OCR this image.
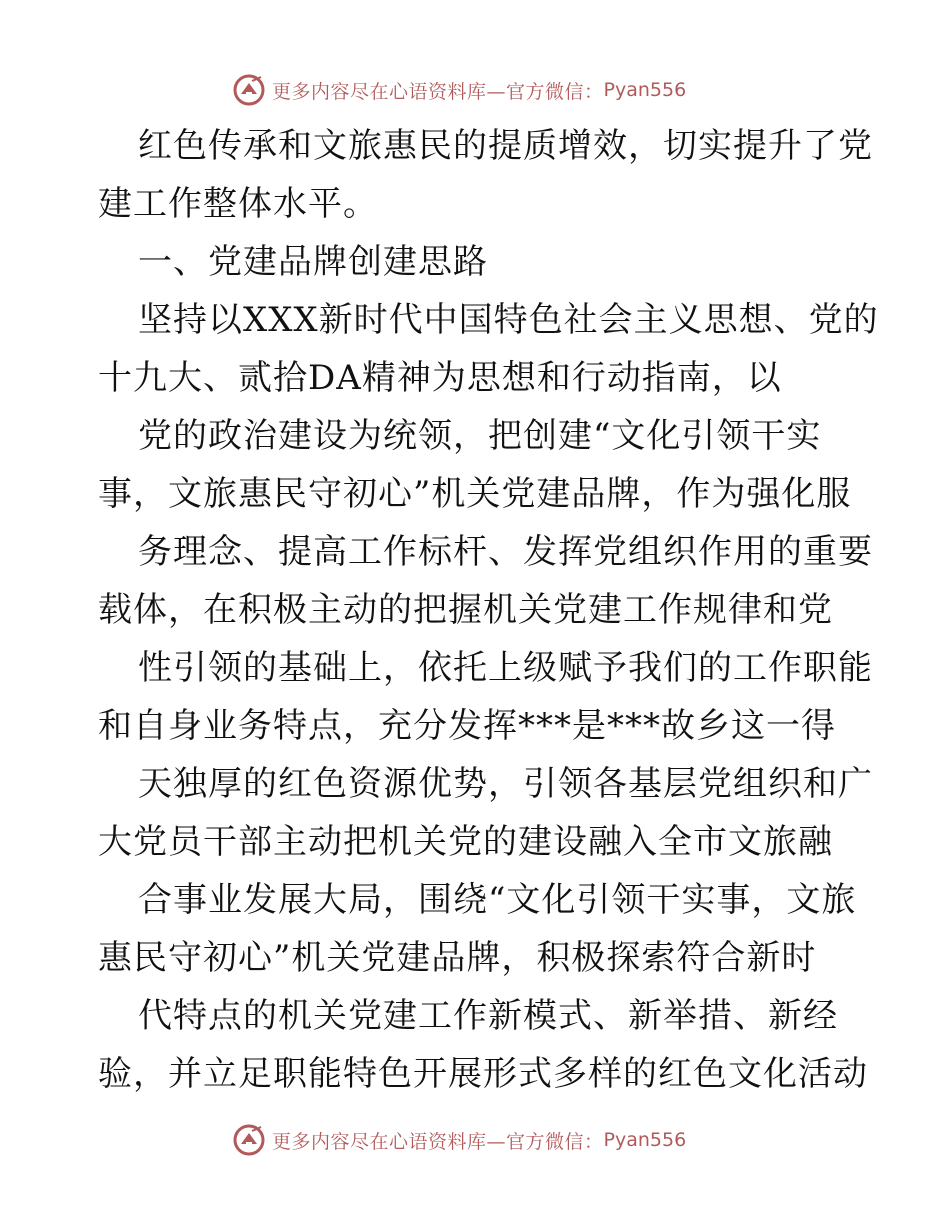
更多内容尽在心语资料库—官方微信： Pyan556
红色传承和文旅惠民的提质增效，切实提升了党
建工作整体水平。
一、党建品牌创建思路
坚持以XXX新时代中国特色社会主义思想、党的
十九大、贰拾DA精神为思想和行动指南，以
党的政治建设为统领，把创建“文化引领干实
事，文旅惠民守初心”机关党建品牌，作为强化服
务理念、提高工作标杆、发挥党组织作用的重要
载体，在积极主动的把握机关党建工作规律和党
性引领的基础上，依托上级赋予我们的工作职能
和自身业务特点，充分发挥***是***故乡这一得
天独厚的红色资源优势，引领各基层党组织和广
大党员干部主动把机关党的建设融入全市文旅融
合事业发展大局，围绕“文化引领干实事，文旅
惠民守初心”机关党建品牌，积极探索符合新时
代特点的机关党建工作新模式、新举措、新经
验，并立足职能特色开展形式多样的红色文化活动
更多内容尽在心语资料库—官方微信： Pyan556
